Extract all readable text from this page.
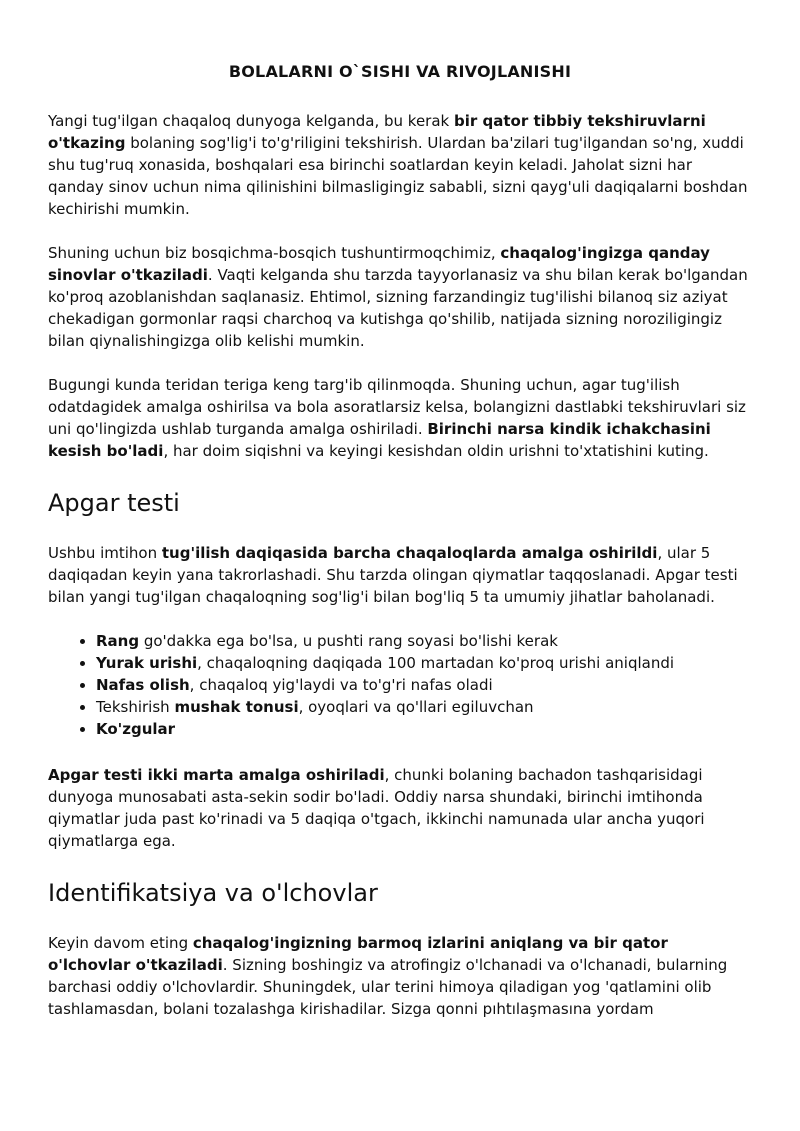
BOLALARNI O`SISHI VA RIVOJLANISHI

Yangi tug'ilgan chaqaloq dunyoga kelganda, bu kerak bir qator tibbiy tekshiruvlarni o'tkazing bolaning sog'lig'i to'g'riligini tekshirish. Ulardan ba'zilari tug'ilgandan so'ng, xuddi shu tug'ruq xonasida, boshqalari esa birinchi soatlardan keyin keladi. Jaholat sizni har qanday sinov uchun nima qilinishini bilmasligingiz sababli, sizni qayg'uli daqiqalarni boshdan kechirishi mumkin.

Shuning uchun biz bosqichma-bosqich tushuntirmoqchimiz, chaqalog'ingizga qanday sinovlar o'tkaziladi. Vaqti kelganda shu tarzda tayyorlanasiz va shu bilan kerak bo'lgandan ko'proq azoblanishdan saqlanasiz. Ehtimol, sizning farzandingiz tug'ilishi bilanoq siz aziyat chekadigan gormonlar raqsi charchoq va kutishga qo'shilib, natijada sizning noroziligingiz bilan qiynalishingizga olib kelishi mumkin.

Bugungi kunda teridan teriga keng targ'ib qilinmoqda. Shuning uchun, agar tug'ilish odatdagidek amalga oshirilsa va bola asoratlarsiz kelsa, bolangizni dastlabki tekshiruvlari siz uni qo'lingizda ushlab turganda amalga oshiriladi. Birinchi narsa kindik ichakchasini kesish bo'ladi, har doim siqishni va keyingi kesishdan oldin urishni to'xtatishini kuting.

Apgar testi

Ushbu imtihon tug'ilish daqiqasida barcha chaqaloqlarda amalga oshirildi, ular 5 daqiqadan keyin yana takrorlashadi. Shu tarzda olingan qiymatlar taqqoslanadi. Apgar testi bilan yangi tug'ilgan chaqaloqning sog'lig'i bilan bog'liq 5 ta umumiy jihatlar baholanadi.

• Rang go'dakka ega bo'lsa, u pushti rang soyasi bo'lishi kerak
• Yurak urishi, chaqaloqning daqiqada 100 martadan ko'proq urishi aniqlandi
• Nafas olish, chaqaloq yig'laydi va to'g'ri nafas oladi
• Tekshirish mushak tonusi, oyoqlari va qo'llari egiluvchan
• Ko'zgular

Apgar testi ikki marta amalga oshiriladi, chunki bolaning bachadon tashqarisidagi dunyoga munosabati asta-sekin sodir bo'ladi. Oddiy narsa shundaki, birinchi imtihonda qiymatlar juda past ko'rinadi va 5 daqiqa o'tgach, ikkinchi namunada ular ancha yuqori qiymatlarga ega.

Identifikatsiya va o'lchovlar

Keyin davom eting chaqalog'ingizning barmoq izlarini aniqlang va bir qator o'lchovlar o'tkaziladi. Sizning boshingiz va atrofingiz o'lchanadi va o'lchanadi, bularning barchasi oddiy o'lchovlardir. Shuningdek, ular terini himoya qiladigan yog 'qatlamini olib tashlamasdan, bolani tozalashga kirishadilar. Sizga qonni pıhtılaşmasına yordam
